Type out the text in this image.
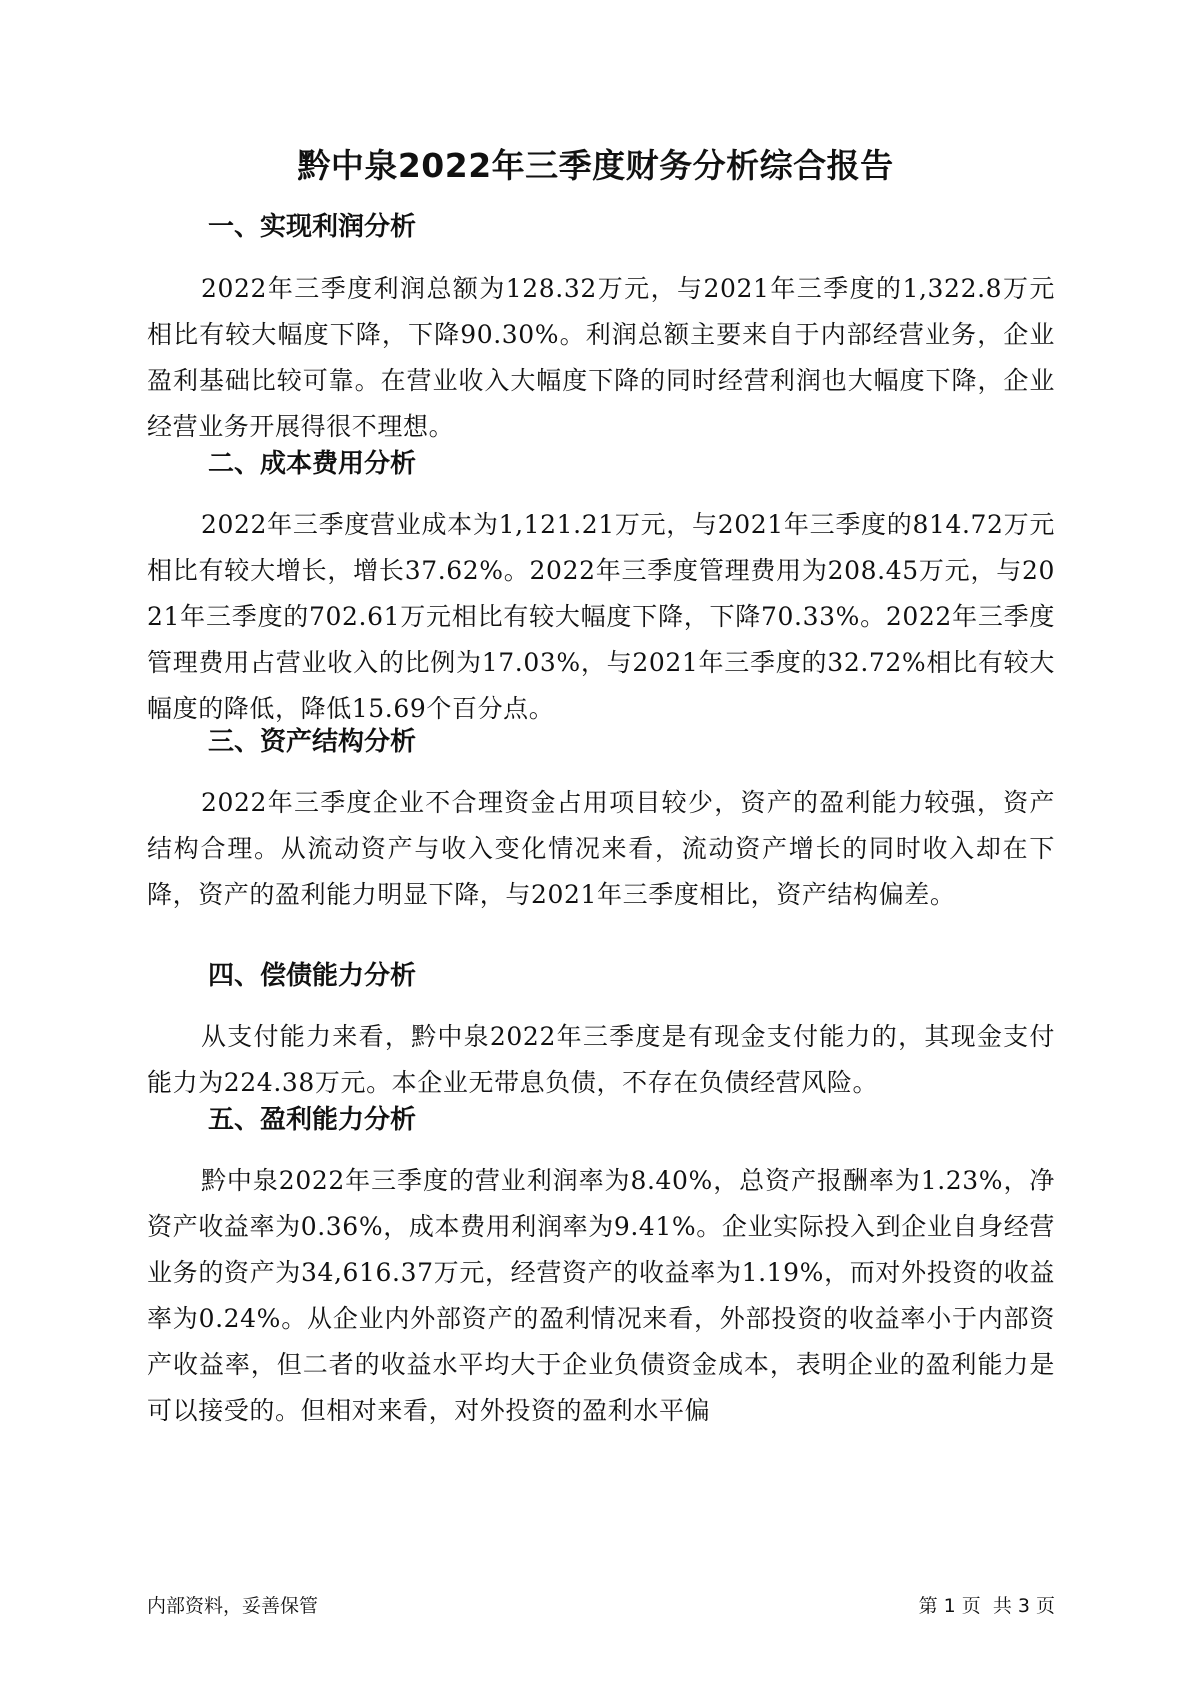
黔中泉2022年三季度财务分析综合报告
一、实现利润分析

2022年三季度利润总额为128.32万元，与2021年三季度的1,322.8万元相比有较大幅度下降，下降90.30%。利润总额主要来自于内部经营业务，企业盈利基础比较可靠。在营业收入大幅度下降的同时经营利润也大幅度下降，企业经营业务开展得很不理想。

二、成本费用分析

2022年三季度营业成本为1,121.21万元，与2021年三季度的814.72万元相比有较大增长，增长37.62%。2022年三季度管理费用为208.45万元，与2021年三季度的702.61万元相比有较大幅度下降，下降70.33%。2022年三季度管理费用占营业收入的比例为17.03%，与2021年三季度的32.72%相比有较大幅度的降低，降低15.69个百分点。

三、资产结构分析

2022年三季度企业不合理资金占用项目较少，资产的盈利能力较强，资产结构合理。从流动资产与收入变化情况来看，流动资产增长的同时收入却在下降，资产的盈利能力明显下降，与2021年三季度相比，资产结构偏差。

四、偿债能力分析

从支付能力来看，黔中泉2022年三季度是有现金支付能力的，其现金支付能力为224.38万元。本企业无带息负债，不存在负债经营风险。

五、盈利能力分析

黔中泉2022年三季度的营业利润率为8.40%，总资产报酬率为1.23%，净资产收益率为0.36%，成本费用利润率为9.41%。企业实际投入到企业自身经营业务的资产为34,616.37万元，经营资产的收益率为1.19%，而对外投资的收益率为0.24%。从企业内外部资产的盈利情况来看，外部投资的收益率小于内部资产收益率，但二者的收益水平均大于企业负债资金成本，表明企业的盈利能力是可以接受的。但相对来看，对外投资的盈利水平偏

内部资料，妥善保管	第 1 页  共 3 页
